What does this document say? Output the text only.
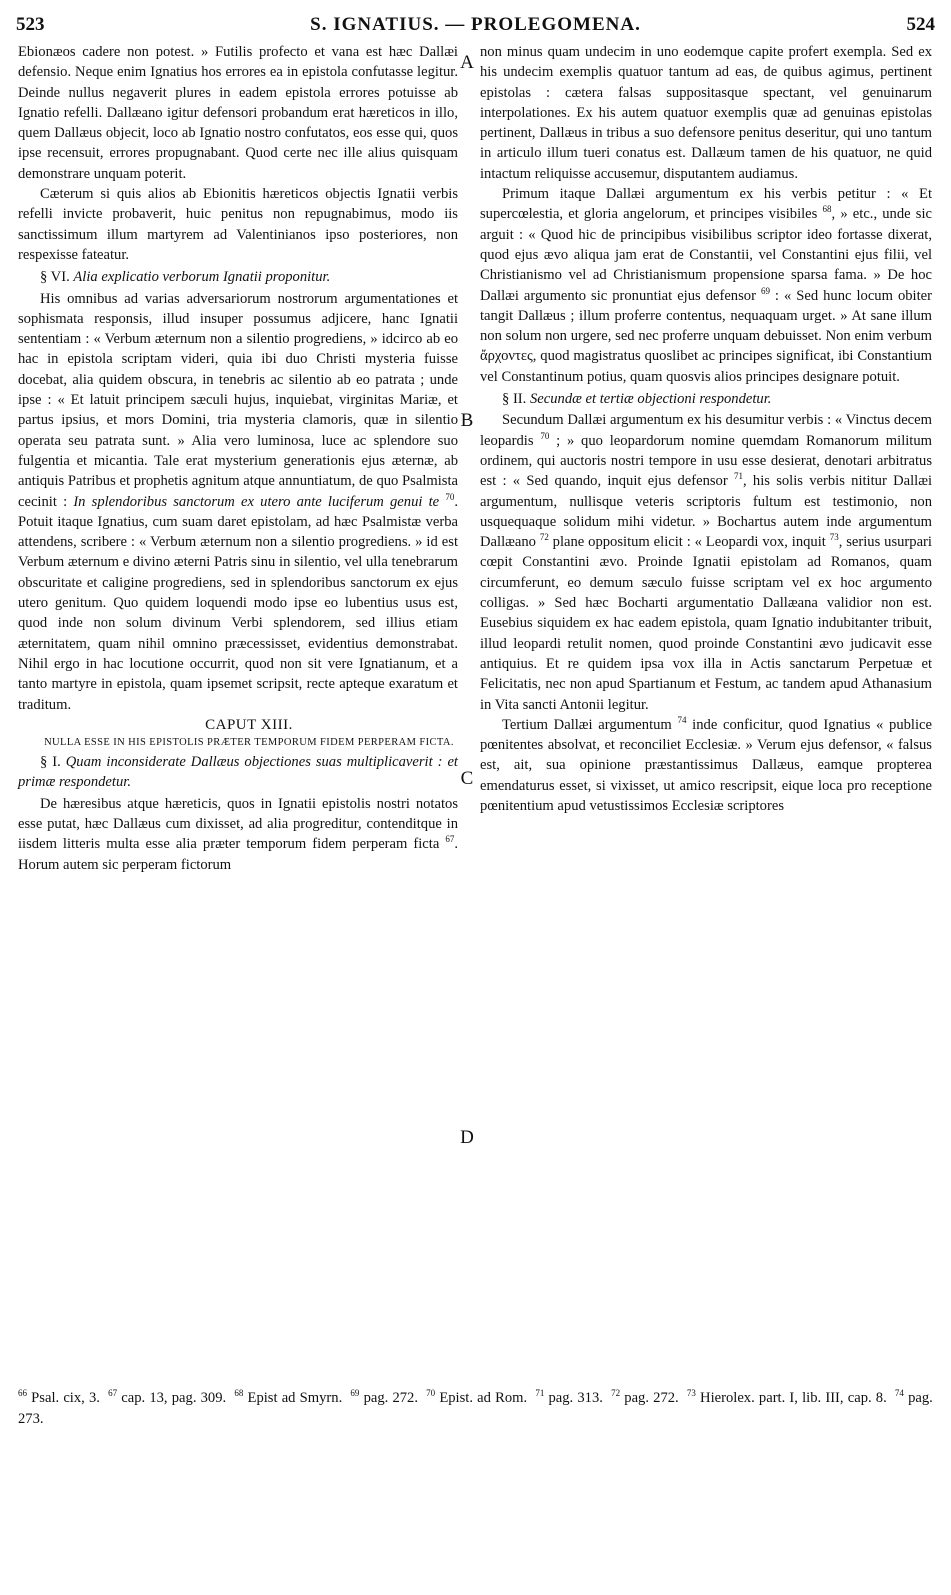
523	S. IGNATIUS. — PROLEGOMENA.	524
A
B
C
D

Ebionæos cadere non potest. » Futilis profecto et vana est hæc Dallæi defensio. Neque enim Ignatius hos errores ea in epistola confutasse legitur. Deinde nullus negaverit plures in eadem epistola errores potuisse ab Ignatio refelli. Dallæano igitur defensori probandum erat hæreticos in illo, quem Dallæus objecit, loco ab Ignatio nostro confutatos, eos esse qui, quos ipse recensuit, errores propugnabant. Quod certe nec ille alius quisquam demonstrare unquam poterit.

Cæterum si quis alios ab Ebionitis hæreticos objectis Ignatii verbis refelli invicte probaverit, huic penitus non repugnabimus, modo iis sanctissimum illum martyrem ad Valentinianos ipso posteriores, non respexisse fateatur.

§ VI. Alia explicatio verborum Ignatii proponitur.

His omnibus ad varias adversariorum nostrorum argumentationes et sophismata responsis, illud insuper possumus adjicere, hanc Ignatii sententiam : « Verbum æternum non a silentio progrediens, » idcirco ab eo hac in epistola scriptam videri, quia ibi duo Christi mysteria fuisse docebat, alia quidem obscura, in tenebris ac silentio ab eo patrata ; unde ipse : « Et latuit principem sæculi hujus, inquiebat, virginitas Mariæ, et partus ipsius, et mors Domini, tria mysteria clamoris, quæ in silentio operata seu patrata sunt. » Alia vero luminosa, luce ac splendore suo fulgentia et micantia. Tale erat mysterium generationis ejus æternæ, ab antiquis Patribus et prophetis agnitum atque annuntiatum, de quo Psalmista cecinit : In splendoribus sanctorum ex utero ante luciferum genui te $^{70}$. Potuit itaque Ignatius, cum suam daret epistolam, ad hæc Psalmistæ verba attendens, scribere : « Verbum æternum non a silentio progrediens. » id est Verbum æternum e divino æterni Patris sinu in silentio, vel ulla tenebrarum obscuritate et caligine progrediens, sed in splendoribus sanctorum ex ejus utero genitum. Quo quidem loquendi modo ipse eo lubentius usus est, quod inde non solum divinum Verbi splendorem, sed illius etiam æternitatem, quam nihil omnino præcessisset, evidentius demonstrabat. Nihil ergo in hac locutione occurrit, quod non sit vere Ignatianum, et a tanto martyre in epistola, quam ipsemet scripsit, recte apteque exaratum et traditum.

CAPUT XIII.

NULLA ESSE IN HIS EPISTOLIS PRÆTER TEMPORUM FIDEM PERPERAM FICTA.

§ I. Quam inconsiderate Dallæus objectiones suas multiplicaverit : et primæ respondetur.

De hæresibus atque hæreticis, quos in Ignatii epistolis nostri notatos esse putat, hæc Dallæus cum dixisset, ad alia progreditur, contenditque in iisdem litteris multa esse alia præter temporum fidem perperam ficta $^{67}$. Horum autem sic perperam fictorum

non minus quam undecim in uno eodemque capite profert exempla. Sed ex his undecim exemplis quatuor tantum ad eas, de quibus agimus, pertinent epistolas : cætera falsas suppositasque spectant, vel genuinarum interpolationes. Ex his autem quatuor exemplis quæ ad genuinas epistolas pertinent, Dallæus in tribus a suo defensore penitus deseritur, qui uno tantum in articulo illum tueri conatus est. Dallæum tamen de his quatuor, ne quid intactum reliquisse accusemur, disputantem audiamus.

Primum itaque Dallæi argumentum ex his verbis petitur : « Et supercœlestia, et gloria angelorum, et principes visibiles $^{68}$, » etc., unde sic arguit : « Quod hic de principibus visibilibus scriptor ideo fortasse dixerat, quod ejus ævo aliqua jam erat de Constantii, vel Constantini ejus filii, vel Christianismo vel ad Christianismum propensione sparsa fama. » De hoc Dallæi argumento sic pronuntiat ejus defensor $^{69}$ : « Sed hunc locum obiter tangit Dallæus ; illum proferre contentus, nequaquam urget. » At sane illum non solum non urgere, sed nec proferre unquam debuisset. Non enim verbum ἄρχοντες, quod magistratus quoslibet ac principes significat, ibi Constantium vel Constantinum potius, quam quosvis alios principes designare potuit.

§ II. Secundæ et tertiæ objectioni respondetur.

Secundum Dallæi argumentum ex his desumitur verbis : « Vinctus decem leopardis $^{70}$ ; » quo leopardorum nomine quemdam Romanorum militum ordinem, qui auctoris nostri tempore in usu esse desierat, denotari arbitratus est : « Sed quando, inquit ejus defensor $^{71}$, his solis verbis nititur Dallæi argumentum, nullisque veteris scriptoris fultum est testimonio, non usquequaque solidum mihi videtur. » Bochartus autem inde argumentum Dallæano $^{72}$ plane oppositum elicit : « Leopardi vox, inquit $^{73}$, serius usurpari cœpit Constantini ævo. Proinde Ignatii epistolam ad Romanos, quam circumferunt, eo demum sæculo fuisse scriptam vel ex hoc argumento colligas. » Sed hæc Bocharti argumentatio Dallæana validior non est. Eusebius siquidem ex hac eadem epistola, quam Ignatio indubitanter tribuit, illud leopardi retulit nomen, quod proinde Constantini ævo judicavit esse antiquius. Et re quidem ipsa vox illa in Actis sanctarum Perpetuæ et Felicitatis, nec non apud Spartianum et Festum, ac tandem apud Athanasium in Vita sancti Antonii legitur.

Tertium Dallæi argumentum $^{74}$ inde conficitur, quod Ignatius « publice pœnitentes absolvat, et reconciliet Ecclesiæ. » Verum ejus defensor, « falsus est, ait, sua opinione præstantissimus Dallæus, eamque propterea emendaturus esset, si vixisset, ut amico rescripsit, eique loca pro receptione pœnitentium apud vetustissimos Ecclesiæ scriptores

$^{66}$ Psal. cix, 3. $^{67}$ cap. 13, pag. 309. $^{68}$ Epist ad Smyrn. $^{69}$ pag. 272. $^{70}$ Epist. ad Rom. $^{71}$ pag. 313. $^{72}$ pag. 272. $^{73}$ Hierolex. part. I, lib. III, cap. 8. $^{74}$ pag. 273.
